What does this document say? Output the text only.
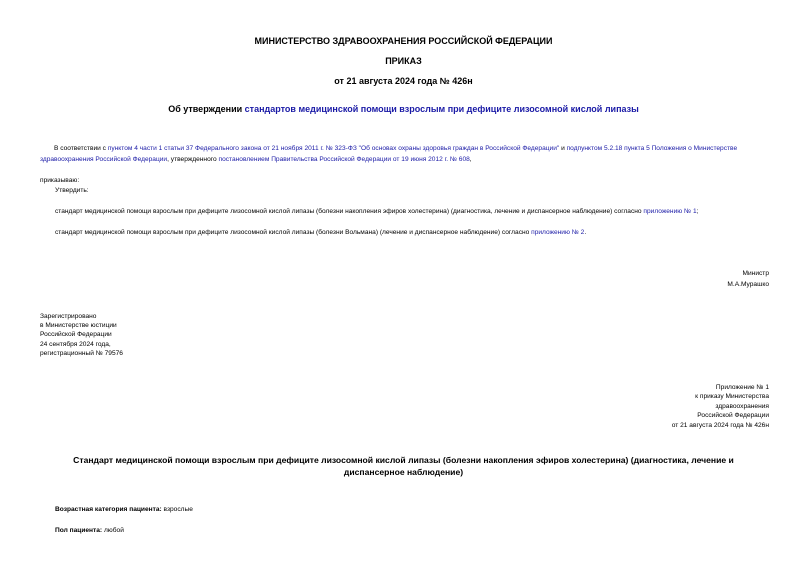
МИНИСТЕРСТВО ЗДРАВООХРАНЕНИЯ РОССИЙСКОЙ ФЕДЕРАЦИИ
ПРИКАЗ
от 21 августа 2024 года № 426н
Об утверждении стандартов медицинской помощи взрослым при дефиците лизосомной кислой липазы
В соответствии с пунктом 4 части 1 статьи 37 Федерального закона от 21 ноября 2011 г. № 323-ФЗ "Об основах охраны здоровья граждан в Российской Федерации" и подпунктом 5.2.18 пункта 5 Положения о Министерстве здравоохранения Российской Федерации, утвержденного постановлением Правительства Российской Федерации от 19 июня 2012 г. № 608,
приказываю:
Утвердить:
стандарт медицинской помощи взрослым при дефиците лизосомной кислой липазы (болезни накопления эфиров холестерина) (диагностика, лечение и диспансерное наблюдение) согласно приложению № 1;
стандарт медицинской помощи взрослым при дефиците лизосомной кислой липазы (болезни Вольмана) (лечение и диспансерное наблюдение) согласно приложению № 2.
Министр
М.А.Мурашко
Зарегистрировано
в Министерстве юстиции
Российской Федерации
24 сентября 2024 года,
регистрационный № 79576
Приложение № 1
к приказу Министерства
здравоохранения
Российской Федерации
от 21 августа 2024 года № 426н
Стандарт медицинской помощи взрослым при дефиците лизосомной кислой липазы (болезни накопления эфиров холестерина) (диагностика, лечение и
диспансерное наблюдение)
Возрастная категория пациента: взрослые
Пол пациента: любой
